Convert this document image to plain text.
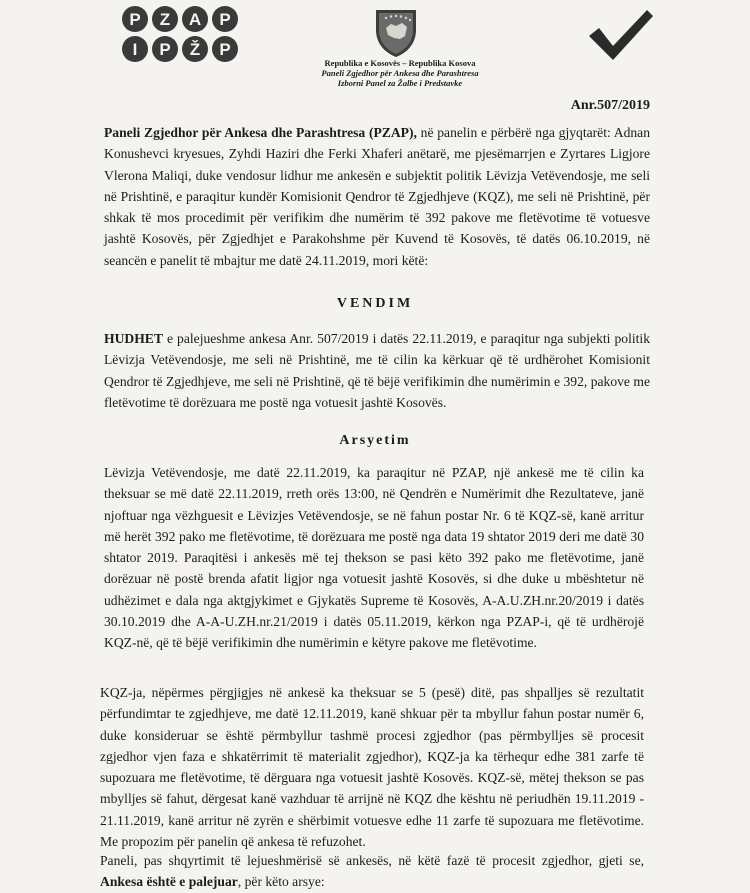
P	Z	A	P
I	P	Ž	P
Republika e Kosovës – Republika Kosova
Paneli Zgjedhor për Ankesa dhe Parashtresa
Izborni Panel za Žalbe i Predstavke
Anr.507/2019

Paneli Zgjedhor për Ankesa dhe Parashtresa (PZAP), në panelin e përbërë nga gjyqtarët: Adnan Konushevci kryesues, Zyhdi Haziri dhe Ferki Xhaferi anëtarë, me pjesëmarrjen e Zyrtares Ligjore Vlerona Maliqi, duke vendosur lidhur me ankesën e subjektit politik Lëvizja Vetëvendosje, me seli në Prishtinë, e paraqitur kundër Komisionit Qendror të Zgjedhjeve (KQZ), me seli në Prishtinë, për shkak të mos procedimit për verifikim dhe numërim të 392 pakove me fletëvotime të votuesve jashtë Kosovës, për Zgjedhjet e Parakohshme për Kuvend të Kosovës, të datës 06.10.2019, në seancën e panelit të mbajtur me datë 24.11.2019, mori këtë:

VENDIM

HUDHET e palejueshme ankesa Anr. 507/2019 i datës 22.11.2019, e paraqitur nga subjekti politik Lëvizja Vetëvendosje, me seli në Prishtinë, me të cilin ka kërkuar që të urdhërohet Komisionit Qendror të Zgjedhjeve, me seli në Prishtinë, që të bëjë verifikimin dhe numërimin e 392, pakove me fletëvotime të dorëzuara me postë nga votuesit jashtë Kosovës.

Arsyetim

Lëvizja Vetëvendosje, me datë 22.11.2019, ka paraqitur në PZAP, një ankesë me të cilin ka theksuar se më datë 22.11.2019, rreth orës 13:00, në Qendrën e Numërimit dhe Rezultateve, janë njoftuar nga vëzhguesit e Lëvizjes Vetëvendosje, se në fahun postar Nr. 6 të KQZ-së, kanë arritur më herët 392 pako me fletëvotime, të dorëzuara me postë nga data 19 shtator 2019 deri me datë 30 shtator 2019. Paraqitësi i ankesës më tej thekson se pasi këto 392 pako me fletëvotime, janë dorëzuar në postë brenda afatit ligjor nga votuesit jashtë Kosovës, si dhe duke u mbështetur në udhëzimet e dala nga aktgjykimet e Gjykatës Supreme të Kosovës, A-A.U.ZH.nr.20/2019 i datës 30.10.2019 dhe A-A-U.ZH.nr.21/2019 i datës 05.11.2019, kërkon nga PZAP-i, që të urdhërojë KQZ-në, që të bëjë verifikimin dhe numërimin e këtyre pakove me fletëvotime.

KQZ-ja, nëpërmes përgjigjes në ankesë ka theksuar se 5 (pesë) ditë, pas shpalljes së rezultatit përfundimtar te zgjedhjeve, me datë 12.11.2019, kanë shkuar për ta mbyllur fahun postar numër 6, duke konsideruar se është përmbyllur tashmë procesi zgjedhor (pas përmbylljes së procesit zgjedhor vjen faza e shkatërrimit të materialit zgjedhor), KQZ-ja ka tërhequr edhe 381 zarfe të supozuara me fletëvotime, të dërguara nga votuesit jashtë Kosovës. KQZ-së, mëtej thekson se pas mbylljes së fahut, dërgesat kanë vazhduar të arrijnë në KQZ dhe kështu në periudhën 19.11.2019 - 21.11.2019, kanë arritur në zyrën e shërbimit votuesve edhe 11 zarfe të supozuara me fletëvotime. Me propozim për panelin që ankesa të refuzohet.

Paneli, pas shqyrtimit të lejueshmërisë së ankesës, në këtë fazë të procesit zgjedhor, gjeti se, Ankesa është e palejuar, për këto arsye:
